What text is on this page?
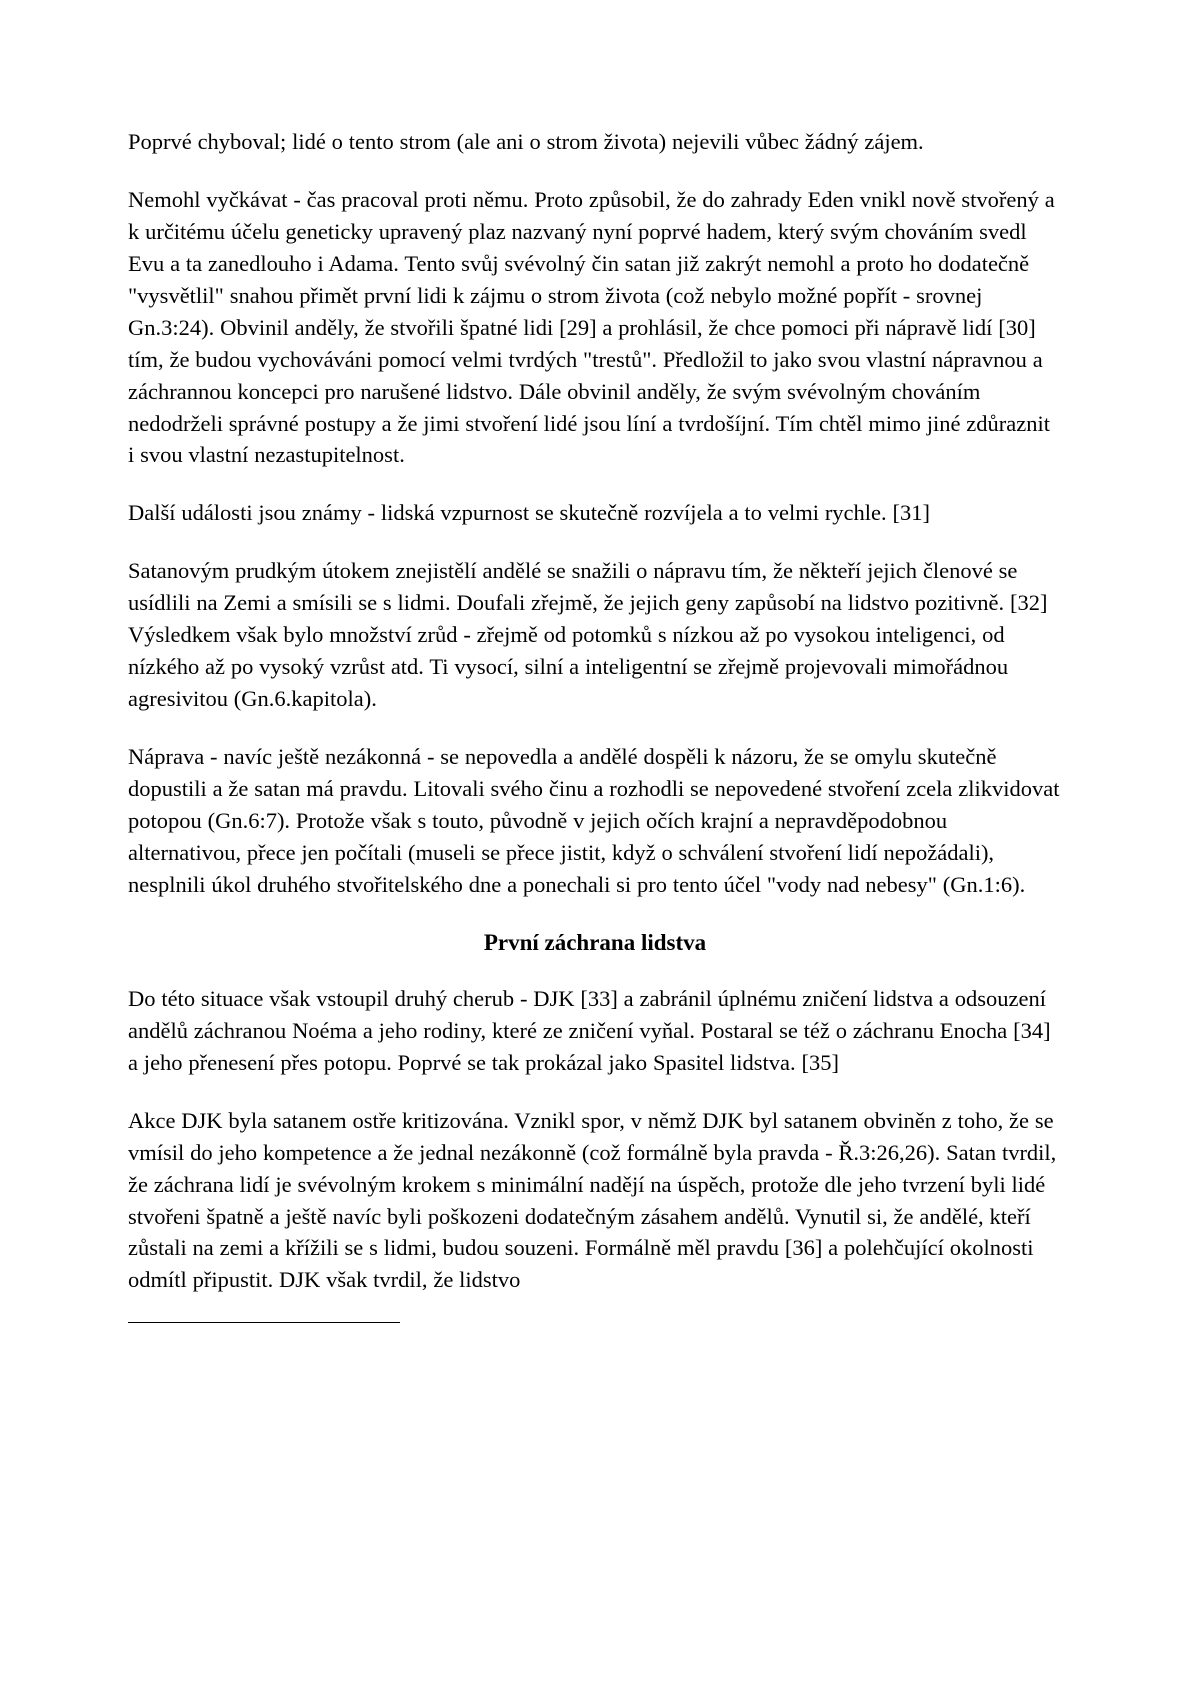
Poprvé chyboval; lidé o tento strom (ale ani o strom života) nejevili vůbec žádný zájem.

Nemohl vyčkávat - čas pracoval proti němu. Proto způsobil, že do zahrady Eden vnikl nově stvořený a k určitému účelu geneticky upravený plaz nazvaný nyní poprvé hadem, který svým chováním svedl Evu a ta zanedlouho i Adama. Tento svůj svévolný čin satan již zakrýt nemohl a proto ho dodatečně "vysvětlil" snahou přimět první lidi k zájmu o strom života (což nebylo možné popřít - srovnej Gn.3:24). Obvinil anděly, že stvořili špatné lidi [29] a prohlásil, že chce pomoci při nápravě lidí [30] tím, že budou vychováváni pomocí velmi tvrdých "trestů". Předložil to jako svou vlastní nápravnou a záchrannou koncepci pro narušené lidstvo. Dále obvinil anděly, že svým svévolným chováním nedodrželi správné postupy a že jimi stvoření lidé jsou líní a tvrdošíjní. Tím chtěl mimo jiné zdůraznit i svou vlastní nezastupitelnost.

Další události jsou známy - lidská vzpurnost se skutečně rozvíjela a to velmi rychle. [31]

Satanovým prudkým útokem znejistělí andělé se snažili o nápravu tím, že někteří jejich členové se usídlili na Zemi a smísili se s lidmi. Doufali zřejmě, že jejich geny zapůsobí na lidstvo pozitivně. [32] Výsledkem však bylo množství zrůd - zřejmě od potomků s nízkou až po vysokou inteligenci, od nízkého až po vysoký vzrůst atd. Ti vysocí, silní a inteligentní se zřejmě projevovali mimořádnou agresivitou (Gn.6.kapitola).

Náprava - navíc ještě nezákonná - se nepovedla a andělé dospěli k názoru, že se omylu skutečně dopustili a že satan má pravdu. Litovali svého činu a rozhodli se nepovedené stvoření zcela zlikvidovat potopou (Gn.6:7). Protože však s touto, původně v jejich očích krajní a nepravděpodobnou alternativou, přece jen počítali (museli se přece jistit, když o schválení stvoření lidí nepožádali), nesplnili úkol druhého stvořitelského dne a ponechali si pro tento účel "vody nad nebesy" (Gn.1:6).

První záchrana lidstva

Do této situace však vstoupil druhý cherub - DJK [33] a zabránil úplnému zničení lidstva a odsouzení andělů záchranou Noéma a jeho rodiny, které ze zničení vyňal. Postaral se též o záchranu Enocha [34] a jeho přenesení přes potopu. Poprvé se tak prokázal jako Spasitel lidstva. [35]

Akce DJK byla satanem ostře kritizována. Vznikl spor, v němž DJK byl satanem obviněn z toho, že se vmísil do jeho kompetence a že jednal nezákonně (což formálně byla pravda - Ř.3:26,26). Satan tvrdil, že záchrana lidí je svévolným krokem s minimální nadějí na úspěch, protože dle jeho tvrzení byli lidé stvořeni špatně a ještě navíc byli poškozeni dodatečným zásahem andělů. Vynutil si, že andělé, kteří zůstali na zemi a křížili se s lidmi, budou souzeni. Formálně měl pravdu [36] a polehčující okolnosti odmítl připustit. DJK však tvrdil, že lidstvo
